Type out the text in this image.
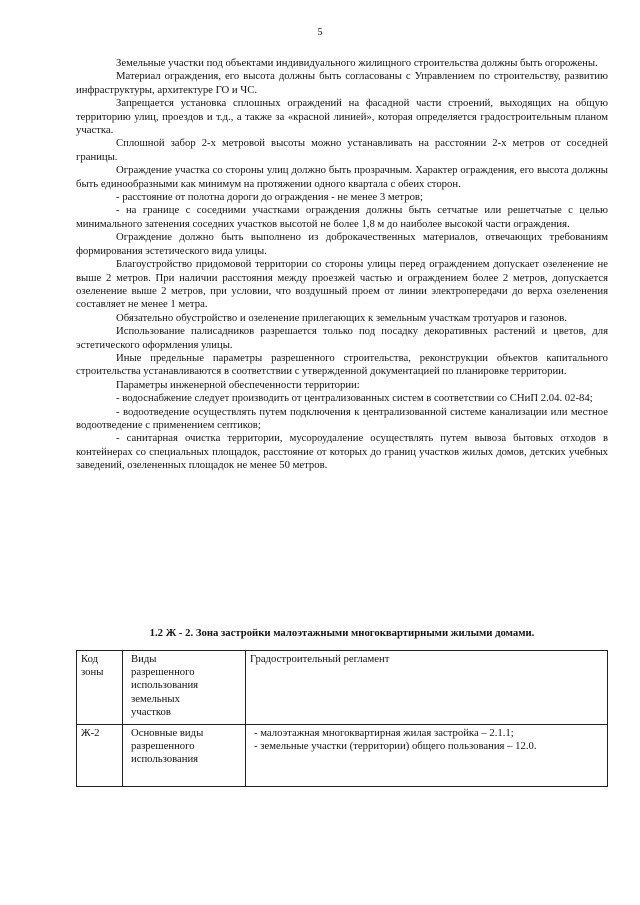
5

Земельные участки под объектами индивидуального жилищного строительства должны быть огорожены.

Материал ограждения, его высота должны быть согласованы с Управлением по строительству, развитию инфраструктуры, архитектуре ГО и ЧС.

Запрещается установка сплошных ограждений на фасадной части строений, выходящих на общую территорию улиц, проездов и т.д., а также за «красной линией», которая определяется градостроительным планом участка.

Сплошной забор 2-х метровой высоты можно устанавливать на расстоянии 2-х метров от соседней границы.

Ограждение участка со стороны улиц должно быть прозрачным. Характер ограждения, его высота должны быть единообразными как минимум на протяжении одного квартала с обеих сторон.

- расстояние от полотна дороги до ограждения - не менее 3 метров;

- на границе с соседними участками ограждения должны быть сетчатые или решетчатые с целью минимального затенения соседних участков высотой не более 1,8 м до наиболее высокой части ограждения.

Ограждение должно быть выполнено из доброкачественных материалов, отвечающих требованиям формирования эстетического вида улицы.

Благоустройство придомовой территории со стороны улицы перед ограждением допускает озеленение не выше 2 метров. При наличии расстояния между проезжей частью и ограждением более 2 метров, допускается озеленение выше 2 метров, при условии, что воздушный проем от линии электропередачи до верха озеленения составляет не менее 1 метра.

Обязательно обустройство и озеленение прилегающих к земельным участкам тротуаров и газонов.

Использование палисадников разрешается только под посадку декоративных растений и цветов, для эстетического оформления улицы.

Иные предельные параметры разрешенного строительства, реконструкции объектов капитального строительства устанавливаются в соответствии с утвержденной документацией по планировке территории.

Параметры инженерной обеспеченности территории:

- водоснабжение следует производить от централизованных систем в соответствии со СНиП 2.04. 02-84;

- водоотведение осуществлять путем подключения к централизованной системе канализации или местное водоотведение с применением септиков;

- санитарная очистка территории, мусороудаление осуществлять путем вывоза бытовых отходов в контейнерах со специальных площадок, расстояние от которых до границ участков жилых домов, детских учебных заведений, озелененных площадок не менее 50 метров.

1.2 Ж - 2. Зона застройки малоэтажными многоквартирными жилыми домами.

Код зоны	Виды разрешенного использования земельных участков	Градостроительный регламент
Ж-2	Основные виды разрешенного использования	- малоэтажная многоквартирная жилая застройка – 2.1.1;
- земельные участки (территории) общего пользования – 12.0.
